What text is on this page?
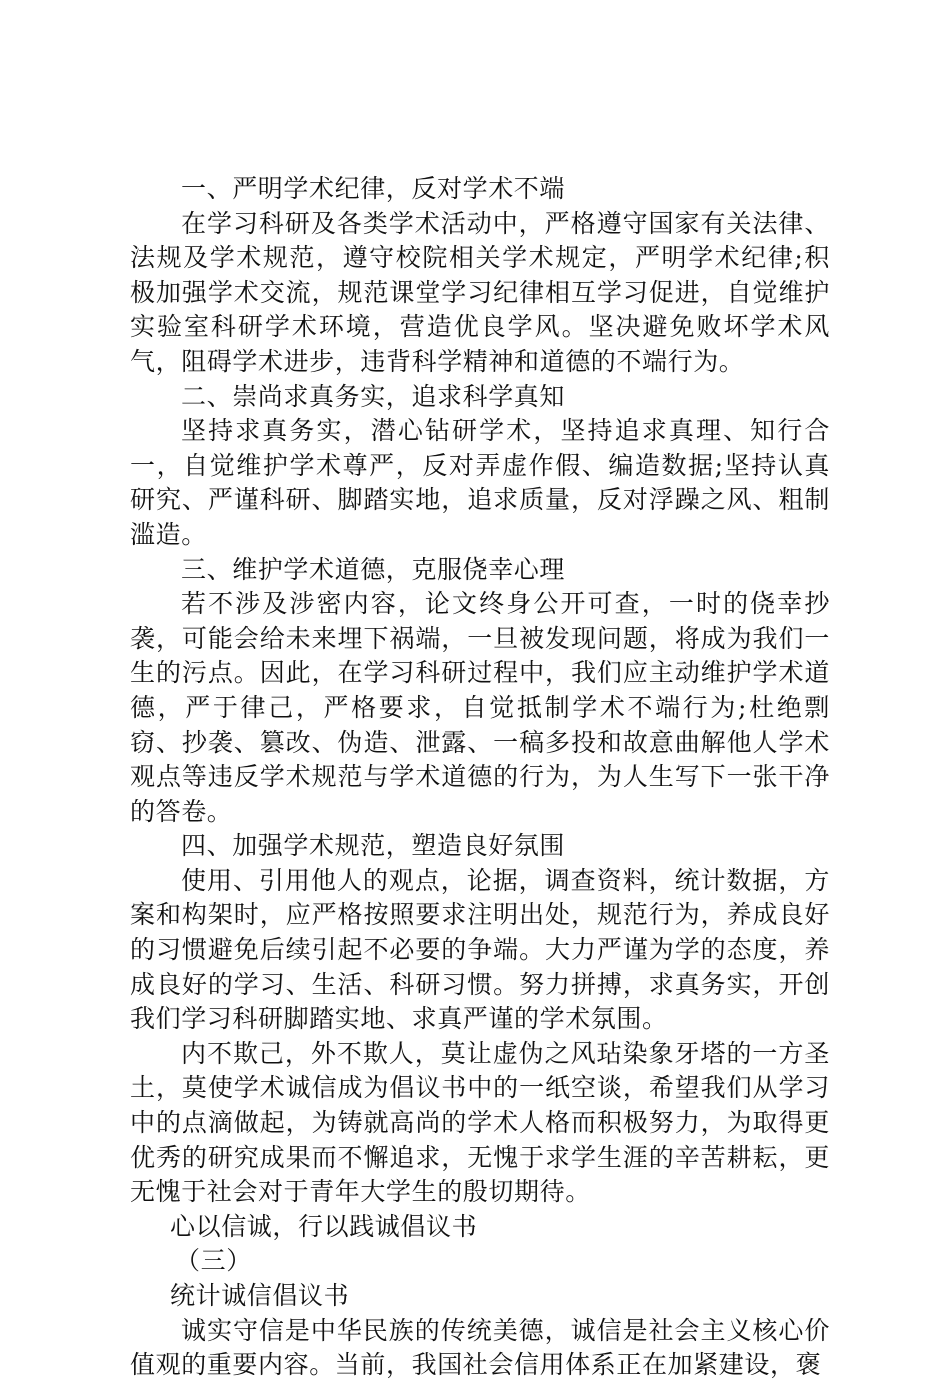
一、严明学术纪律，反对学术不端

在学习科研及各类学术活动中，严格遵守国家有关法律、法规及学术规范，遵守校院相关学术规定，严明学术纪律;积极加强学术交流，规范课堂学习纪律相互学习促进，自觉维护实验室科研学术环境，营造优良学风。坚决避免败坏学术风气，阻碍学术进步，违背科学精神和道德的不端行为。

二、崇尚求真务实，追求科学真知

坚持求真务实，潜心钻研学术，坚持追求真理、知行合一，自觉维护学术尊严，反对弄虚作假、编造数据;坚持认真研究、严谨科研、脚踏实地，追求质量，反对浮躁之风、粗制滥造。

三、维护学术道德，克服侥幸心理

若不涉及涉密内容，论文终身公开可查，一时的侥幸抄袭，可能会给未来埋下祸端，一旦被发现问题，将成为我们一生的污点。因此，在学习科研过程中，我们应主动维护学术道德，严于律己，严格要求，自觉抵制学术不端行为;杜绝剽窃、抄袭、篡改、伪造、泄露、一稿多投和故意曲解他人学术观点等违反学术规范与学术道德的行为，为人生写下一张干净的答卷。

四、加强学术规范，塑造良好氛围

使用、引用他人的观点，论据，调查资料，统计数据，方案和构架时，应严格按照要求注明出处，规范行为，养成良好的习惯避免后续引起不必要的争端。大力严谨为学的态度，养成良好的学习、生活、科研习惯。努力拼搏，求真务实，开创我们学习科研脚踏实地、求真严谨的学术氛围。

内不欺己，外不欺人，莫让虚伪之风玷染象牙塔的一方圣土，莫使学术诚信成为倡议书中的一纸空谈，希望我们从学习中的点滴做起，为铸就高尚的学术人格而积极努力，为取得更优秀的研究成果而不懈追求，无愧于求学生涯的辛苦耕耘，更无愧于社会对于青年大学生的殷切期待。

心以信诚，行以践诚倡议书

（三）

统计诚信倡议书

诚实守信是中华民族的传统美德，诚信是社会主义核心价值观的重要内容。当前，我国社会信用体系正在加紧建设，褒
